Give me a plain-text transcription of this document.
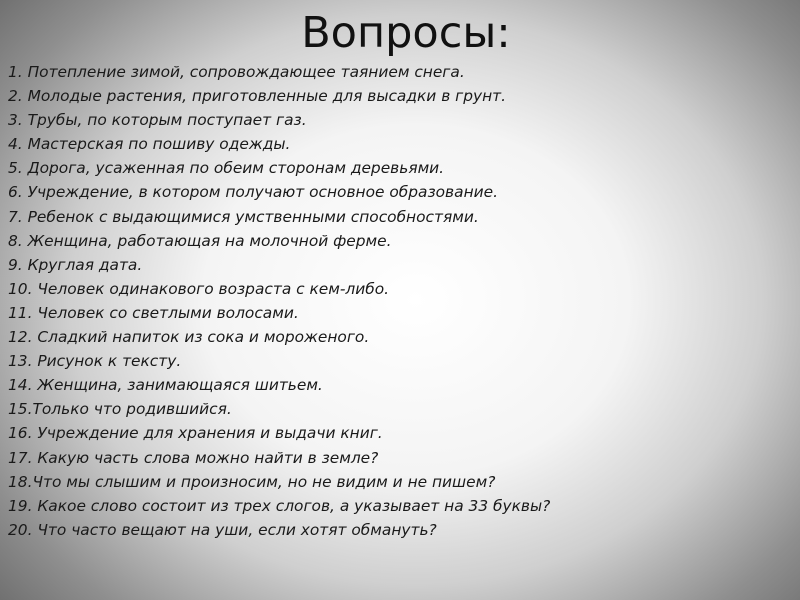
Вопросы:
1. Потепление зимой, сопровождающее таянием снега.
2. Молодые растения, приготовленные для высадки в грунт.
3. Трубы, по которым поступает газ.
4. Мастерская по пошиву одежды.
5. Дорога, усаженная по обеим сторонам деревьями.
6. Учреждение, в котором получают основное образование.
7. Ребенок с выдающимися умственными способностями.
8. Женщина, работающая на молочной ферме.
9. Круглая дата.
10. Человек одинакового возраста с кем-либо.
11. Человек со светлыми волосами.
12. Сладкий напиток из сока и мороженого.
13. Рисунок к тексту.
14. Женщина, занимающаяся шитьем.
15.Только что родившийся.
16. Учреждение для хранения и выдачи книг.
17. Какую часть слова можно найти в земле?
18.Что мы слышим и произносим, но не видим и не пишем?
19. Какое слово состоит из трех слогов, а указывает на 33 буквы?
20. Что часто вещают на уши, если хотят обмануть?
